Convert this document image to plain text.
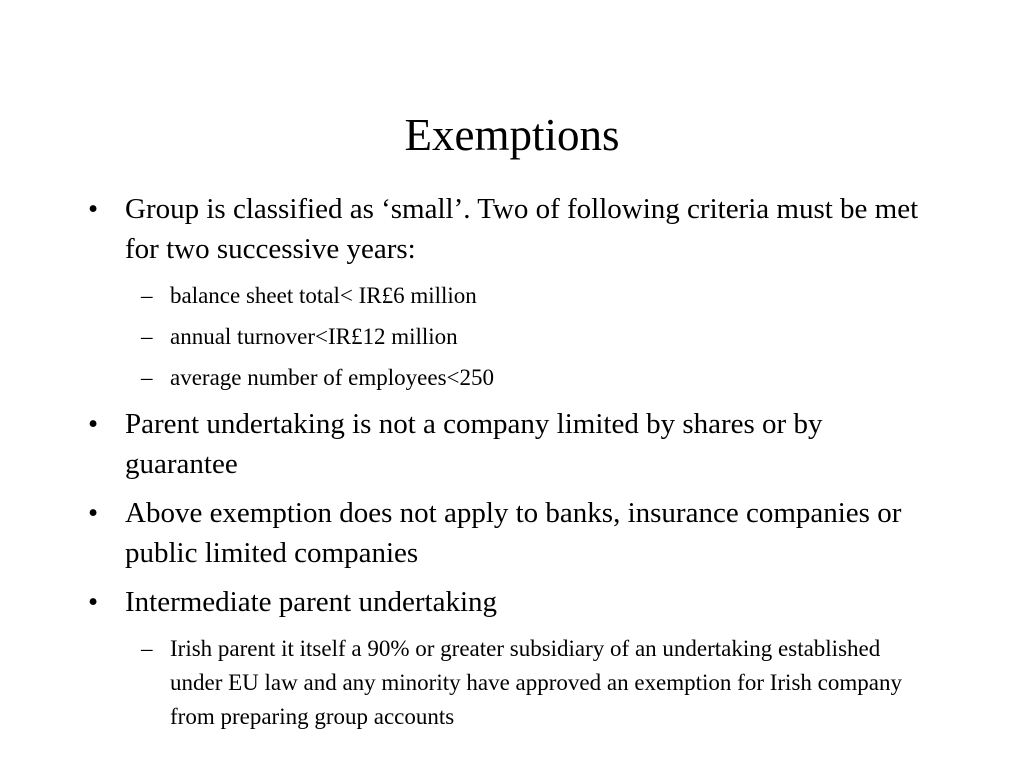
Exemptions
• Group is classified as ‘small’. Two of following criteria must be met for two successive years:
– balance sheet total< IR£6 million
– annual turnover<IR£12 million
– average number of employees<250
• Parent undertaking is not a company limited by shares or by guarantee
• Above exemption does not apply to banks, insurance companies or public limited companies
• Intermediate parent undertaking
– Irish parent it itself a 90% or greater subsidiary of an undertaking established under EU law and any minority have approved an exemption for Irish company from preparing group accounts
